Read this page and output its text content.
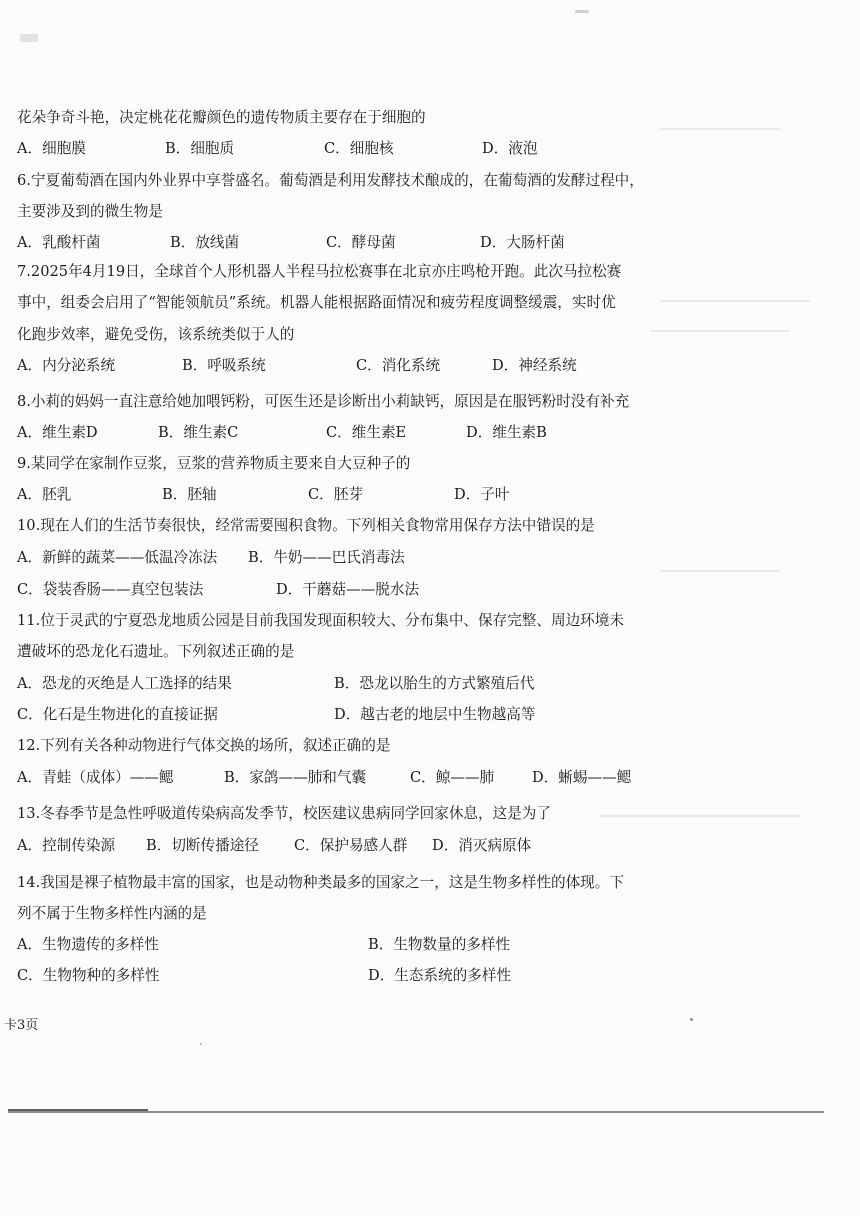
花朵争奇斗艳，决定桃花花瓣颜色的遗传物质主要存在于细胞的
A．细胞膜	B．细胞质	C．细胞核	D．液泡
6.宁夏葡萄酒在国内外业界中享誉盛名。葡萄酒是利用发酵技术酿成的，在葡萄酒的发酵过程中，
主要涉及到的微生物是
A．乳酸杆菌	B．放线菌	C．酵母菌	D．大肠杆菌
7.2025年4月19日，全球首个人形机器人半程马拉松赛事在北京亦庄鸣枪开跑。此次马拉松赛
事中，组委会启用了“智能领航员”系统。机器人能根据路面情况和疲劳程度调整缓震，实时优
化跑步效率，避免受伤，该系统类似于人的
A．内分泌系统	B．呼吸系统	C．消化系统	D．神经系统
8.小莉的妈妈一直注意给她加喂钙粉，可医生还是诊断出小莉缺钙，原因是在服钙粉时没有补充
A．维生素D	B．维生素C	C．维生素E	D．维生素B
9.某同学在家制作豆浆，豆浆的营养物质主要来自大豆种子的
A．胚乳	B．胚轴	C．胚芽	D．子叶
10.现在人们的生活节奏很快，经常需要囤积食物。下列相关食物常用保存方法中错误的是
A．新鲜的蔬菜——低温冷冻法 B．牛奶——巴氏消毒法
C．袋装香肠——真空包装法	D．干蘑菇——脱水法
11.位于灵武的宁夏恐龙地质公园是目前我国发现面积较大、分布集中、保存完整、周边环境未
遭破坏的恐龙化石遗址。下列叙述正确的是
A．恐龙的灭绝是人工选择的结果	B．恐龙以胎生的方式繁殖后代
C．化石是生物进化的直接证据	D．越古老的地层中生物越高等
12.下列有关各种动物进行气体交换的场所，叙述正确的是
A．青蛙（成体）——鳃	B．家鸽——肺和气囊	C．鲸——肺	D．蜥蜴——鳃
13.冬春季节是急性呼吸道传染病高发季节，校医建议患病同学回家休息，这是为了
A．控制传染源 B．切断传播途径 C．保护易感人群 D．消灭病原体
14.我国是裸子植物最丰富的国家，也是动物种类最多的国家之一，这是生物多样性的体现。下
列不属于生物多样性内涵的是
A．生物遗传的多样性	B．生物数量的多样性
C．生物物种的多样性	D．生态系统的多样性
卡3页
